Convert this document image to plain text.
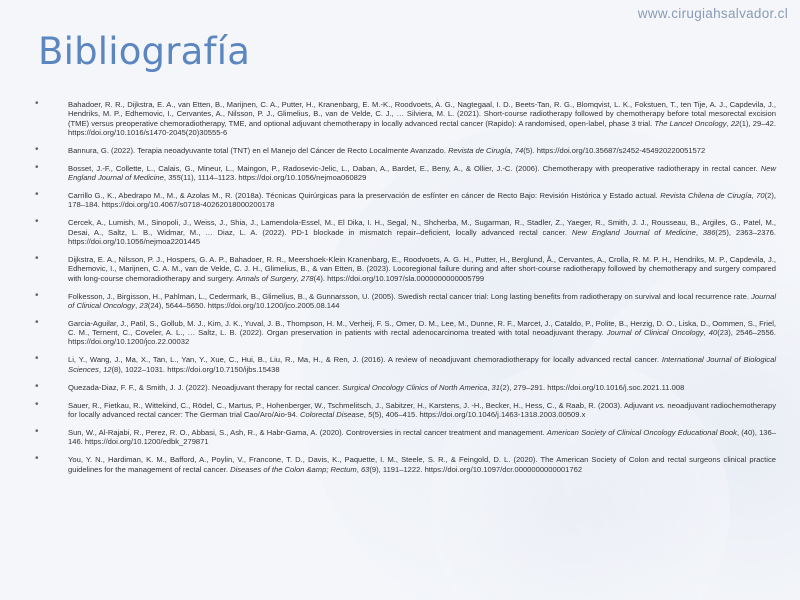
www.cirugiahsalvador.cl
Bibliografía
•	Bahadoer, R. R., Dijkstra, E. A., van Etten, B., Marijnen, C. A., Putter, H., Kranenbarg, E. M.-K., Roodvoets, A. G., Nagtegaal, I. D., Beets-Tan, R. G., Blomqvist, L. K., Fokstuen, T., ten Tije, A. J., Capdevila, J., Hendriks, M. P., Edhemovic, I., Cervantes, A., Nilsson, P. J., Glimelius, B., van de Velde, C. J., … Silviera, M. L. (2021). Short-course radiotherapy followed by chemotherapy before total mesorectal excision (TME) versus preoperative chemoradiotherapy, TME, and optional adjuvant chemotherapy in locally advanced rectal cancer (Rapido): A randomised, open-label, phase 3 trial. The Lancet Oncology, 22(1), 29–42. https://doi.org/10.1016/s1470-2045(20)30555-6
•	Bannura, G. (2022). Terapia neoadyuvante total (TNT) en el Manejo del Cáncer de Recto Localmente Avanzado. Revista de Cirugía, 74(5). https://doi.org/10.35687/s2452-454920220051572
•	Bosset, J.-F., Collette, L., Calais, G., Mineur, L., Maingon, P., Radosevic-Jelic, L., Daban, A., Bardet, E., Beny, A., & Ollier, J.-C. (2006). Chemotherapy with preoperative radiotherapy in rectal cancer. New England Journal of Medicine, 355(11), 1114–1123. https://doi.org/10.1056/nejmoa060829
•	Carrillo G., K., Abedrapo M., M., & Azolas M., R. (2018a). Técnicas Quirúrgicas para la preservación de esfínter en cáncer de Recto Bajo: Revisión Histórica y Estado actual. Revista Chilena de Cirugía, 70(2), 178–184. https://doi.org/10.4067/s0718-40262018000200178
•	Cercek, A., Lumish, M., Sinopoli, J., Weiss, J., Shia, J., Lamendola-Essel, M., El Dika, I. H., Segal, N., Shcherba, M., Sugarman, R., Stadler, Z., Yaeger, R., Smith, J. J., Rousseau, B., Argiles, G., Patel, M., Desai, A., Saltz, L. B., Widmar, M., … Diaz, L. A. (2022). PD-1 blockade in mismatch repair–deficient, locally advanced rectal cancer. New England Journal of Medicine, 386(25), 2363–2376. https://doi.org/10.1056/nejmoa2201445
•	Dijkstra, E. A., Nilsson, P. J., Hospers, G. A. P., Bahadoer, R. R., Meershoek-Klein Kranenbarg, E., Roodvoets, A. G. H., Putter, H., Berglund, Å., Cervantes, A., Crolla, R. M. P. H., Hendriks, M. P., Capdevila, J., Edhemovic, I., Marijnen, C. A. M., van de Velde, C. J. H., Glimelius, B., & van Etten, B. (2023). Locoregional failure during and after short-course radiotherapy followed by chemotherapy and surgery compared with long-course chemoradiotherapy and surgery. Annals of Surgery, 278(4). https://doi.org/10.1097/sla.0000000000005799
•	Folkesson, J., Birgisson, H., Pahlman, L., Cedermark, B., Glimelius, B., & Gunnarsson, U. (2005). Swedish rectal cancer trial: Long lasting benefits from radiotherapy on survival and local recurrence rate. Journal of Clinical Oncology, 23(24), 5644–5650. https://doi.org/10.1200/jco.2005.08.144
•	Garcia-Aguilar, J., Patil, S., Gollub, M. J., Kim, J. K., Yuval, J. B., Thompson, H. M., Verheij, F. S., Omer, D. M., Lee, M., Dunne, R. F., Marcet, J., Cataldo, P., Polite, B., Herzig, D. O., Liska, D., Oommen, S., Friel, C. M., Ternent, C., Coveler, A. L., … Saltz, L. B. (2022). Organ preservation in patients with rectal adenocarcinoma treated with total neoadjuvant therapy. Journal of Clinical Oncology, 40(23), 2546–2556. https://doi.org/10.1200/jco.22.00032
•	Li, Y., Wang, J., Ma, X., Tan, L., Yan, Y., Xue, C., Hui, B., Liu, R., Ma, H., & Ren, J. (2016). A review of neoadjuvant chemoradiotherapy for locally advanced rectal cancer. International Journal of Biological Sciences, 12(8), 1022–1031. https://doi.org/10.7150/ijbs.15438
•	Quezada-Diaz, F. F., & Smith, J. J. (2022). Neoadjuvant therapy for rectal cancer. Surgical Oncology Clinics of North America, 31(2), 279–291. https://doi.org/10.1016/j.soc.2021.11.008
•	Sauer, R., Fietkau, R., Wittekind, C., Rödel, C., Martus, P., Hohenberger, W., Tschmelitsch, J., Sabitzer, H., Karstens, J. -H., Becker, H., Hess, C., & Raab, R. (2003). Adjuvant vs. neoadjuvant radiochemotherapy for locally advanced rectal cancer: The German trial Cao/Aro/Aio-94. Colorectal Disease, 5(5), 406–415. https://doi.org/10.1046/j.1463-1318.2003.00509.x
•	Sun, W., Al-Rajabi, R., Perez, R. O., Abbasi, S., Ash, R., & Habr-Gama, A. (2020). Controversies in rectal cancer treatment and management. American Society of Clinical Oncology Educational Book, (40), 136–146. https://doi.org/10.1200/edbk_279871
•	You, Y. N., Hardiman, K. M., Bafford, A., Poylin, V., Francone, T. D., Davis, K., Paquette, I. M., Steele, S. R., & Feingold, D. L. (2020). The American Society of Colon and rectal surgeons clinical practice guidelines for the management of rectal cancer. Diseases of the Colon &amp; Rectum, 63(9), 1191–1222. https://doi.org/10.1097/dcr.0000000000001762
